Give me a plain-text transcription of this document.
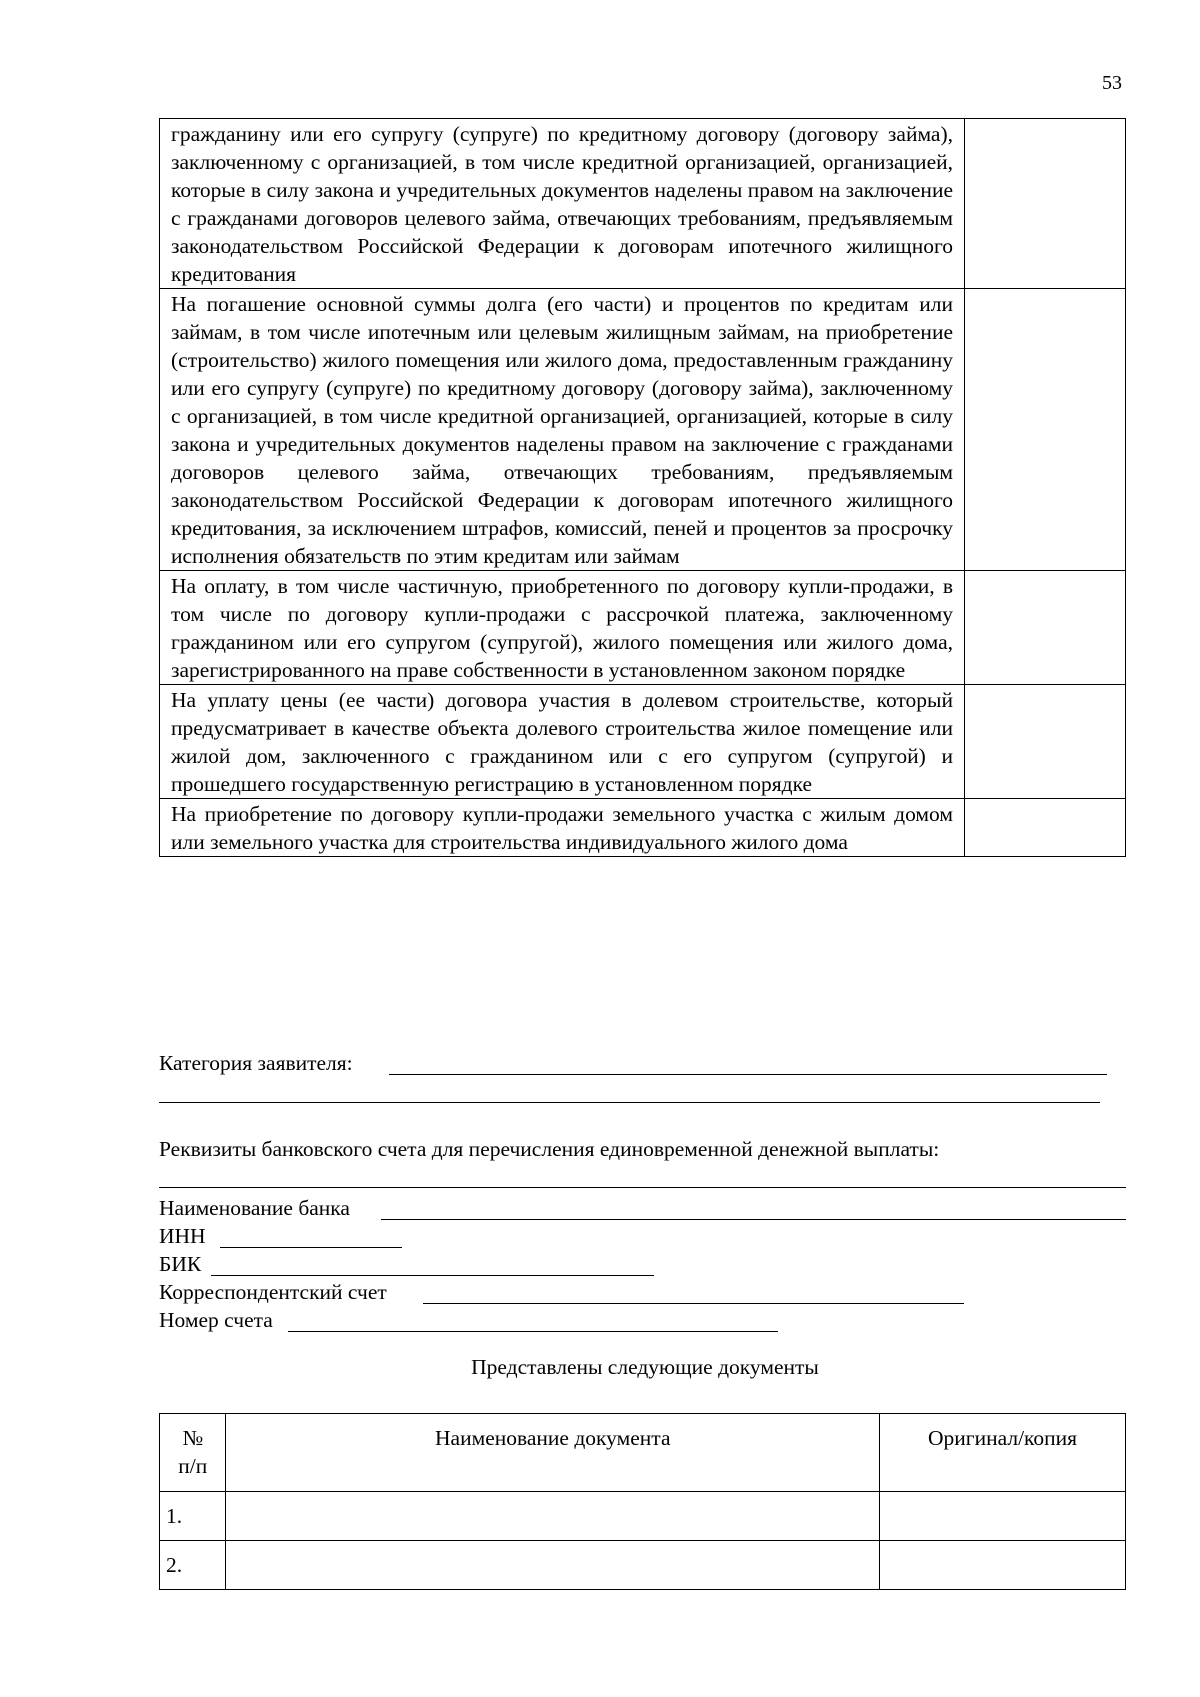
53
гражданину или его супругу (супруге) по кредитному договору (договору займа), заключенному с организацией, в том числе кредитной организацией, организацией, которые в силу закона и учредительных документов наделены правом на заключение с гражданами договоров целевого займа, отвечающих требованиям, предъявляемым законодательством Российской Федерации к договорам ипотечного жилищного кредитования	
На погашение основной суммы долга (его части) и процентов по кредитам или займам, в том числе ипотечным или целевым жилищным займам, на приобретение (строительство) жилого помещения или жилого дома, предоставленным гражданину или его супругу (супруге) по кредитному договору (договору займа), заключенному с организацией, в том числе кредитной организацией, организацией, которые в силу закона и учредительных документов наделены правом на заключение с гражданами договоров целевого займа, отвечающих требованиям, предъявляемым законодательством Российской Федерации к договорам ипотечного жилищного кредитования, за исключением штрафов, комиссий, пеней и процентов за просрочку исполнения обязательств по этим кредитам или займам	
На оплату, в том числе частичную, приобретенного по договору купли-продажи, в том числе по договору купли-продажи с рассрочкой платежа, заключенному гражданином или его супругом (супругой), жилого помещения или жилого дома, зарегистрированного на праве собственности в установленном законом порядке	
На уплату цены (ее части) договора участия в долевом строительстве, который предусматривает в качестве объекта долевого строительства жилое помещение или жилой дом, заключенного с гражданином или с его супругом (супругой) и прошедшего государственную регистрацию в установленном порядке	
На приобретение по договору купли-продажи земельного участка с жилым домом или земельного участка для строительства индивидуального жилого дома	
Категория заявителя:
Реквизиты банковского счета для перечисления единовременной денежной выплаты:
Наименование банка
ИНН
БИК
Корреспондентский счет
Номер счета
Представлены следующие документы
№
п/п	Наименование документа	Оригинал/копия
1.		
2.		
